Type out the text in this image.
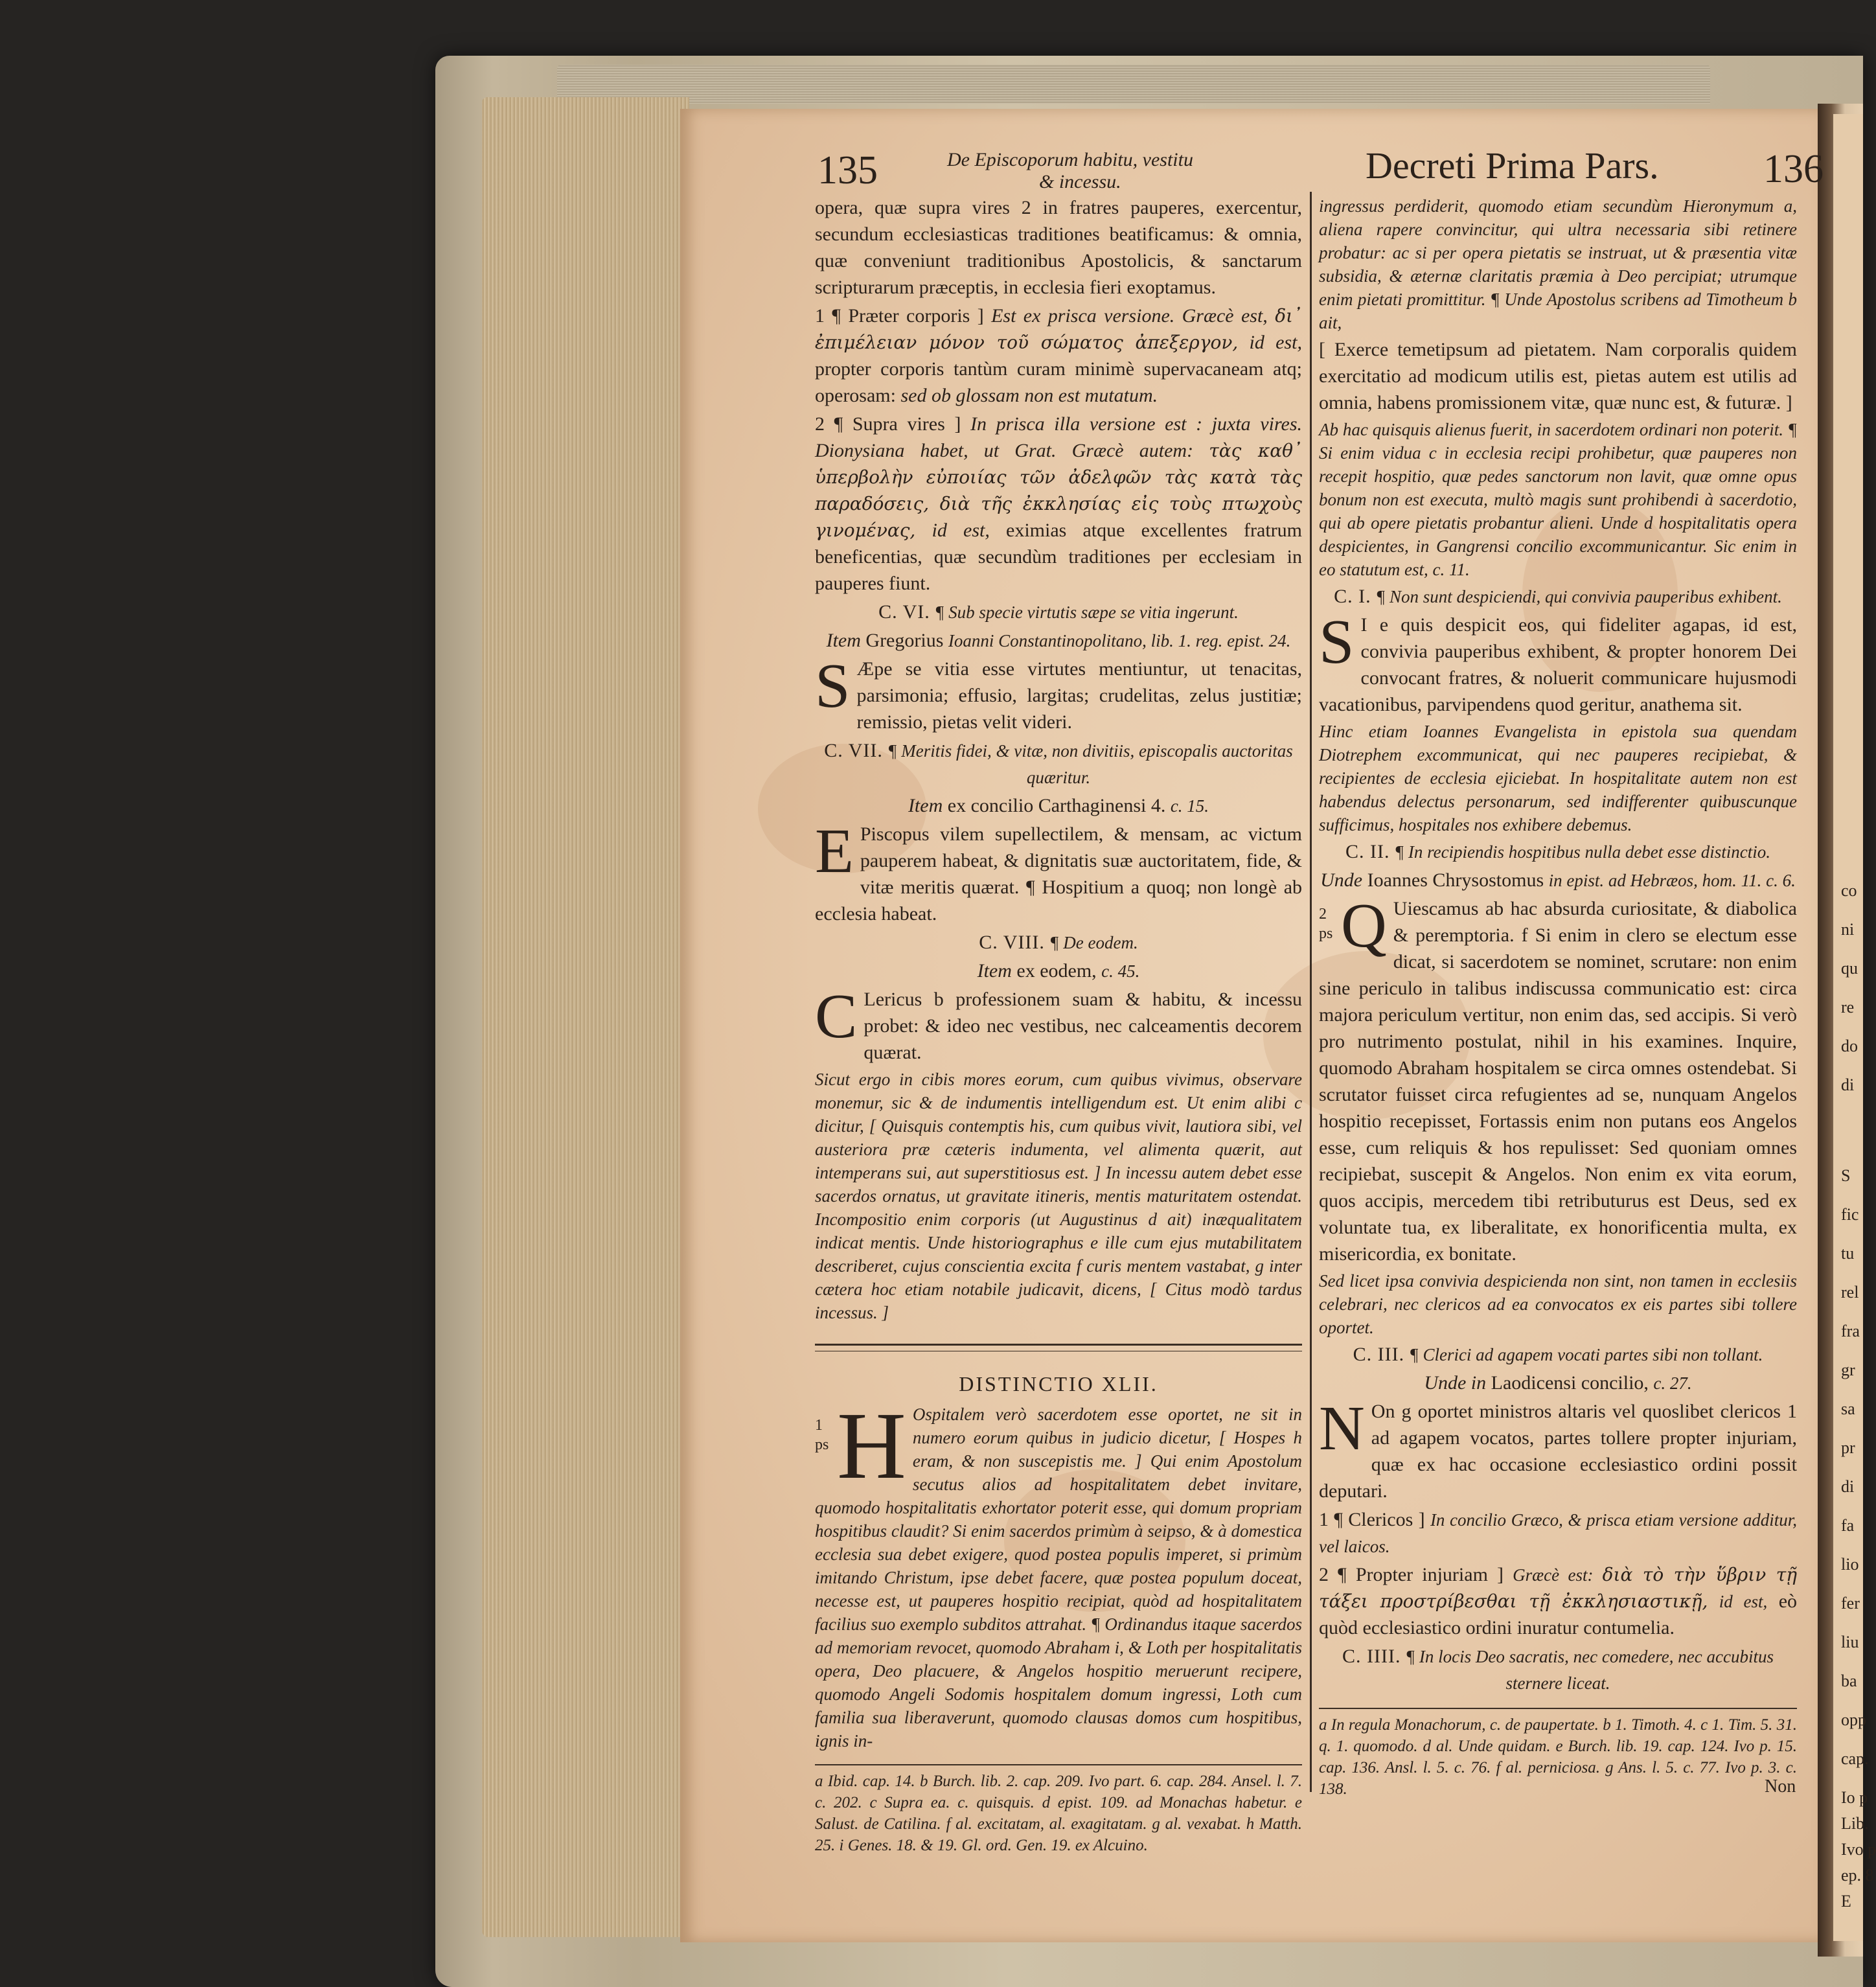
135	De Episcoporum habitu, vestitu
& incessu.	Decreti Prima Pars.	136

opera, quæ supra vires 2 in fratres pauperes, exercentur, secundum ecclesiasticas traditiones beatificamus: & omnia, quæ conveniunt traditionibus Apostolicis, & sanctarum scripturarum præceptis, in ecclesia fieri exoptamus.

1 ¶ Præter corporis ] Est ex prisca versione. Græcè est, δι᾽ ἐπιμέλειαν μόνον τοῦ σώματος ἀπεξεργον, id est, propter corporis tantùm curam minimè supervacaneam atq; operosam: sed ob glossam non est mutatum.

2 ¶ Supra vires ] In prisca illa versione est : juxta vires. Dionysiana habet, ut Grat. Græcè autem: τὰς καθ᾽ ὑπερβολὴν εὐποιίας τῶν ἀδελφῶν τὰς κατὰ τὰς παραδόσεις, διὰ τῆς ἐκκλησίας εἰς τοὺς πτωχοὺς γινομένας, id est, eximias atque excellentes fratrum beneficentias, quæ secundùm traditiones per ecclesiam in pauperes fiunt.

C. VI. ¶ Sub specie virtutis sæpe se vitia ingerunt.

Item Gregorius Ioanni Constantinopolitano, lib. 1. reg. epist. 24.

S Æpe se vitia esse virtutes mentiuntur, ut tenacitas, parsimonia; effusio, largitas; crudelitas, zelus justitiæ; remissio, pietas velit videri.

C. VII. ¶ Meritis fidei, & vitæ, non divitiis, episcopalis auctoritas quæritur.

Item ex concilio Carthaginensi 4. c. 15.

E Piscopus vilem supellectilem, & mensam, ac victum pauperem habeat, & dignitatis suæ auctoritatem, fide, & vitæ meritis quærat. ¶ Hospitium a quoq; non longè ab ecclesia habeat.

C. VIII. ¶ De eodem.

Item ex eodem, c. 45.

C Lericus b professionem suam & habitu, & incessu probet: & ideo nec vestibus, nec calceamentis decorem quærat.

Sicut ergo in cibis mores eorum, cum quibus vivimus, observare monemur, sic & de indumentis intelligendum est. Ut enim alibi c dicitur, [ Quisquis contemptis his, cum quibus vivit, lautiora sibi, vel austeriora præ cæteris indumenta, vel alimenta quærit, aut intemperans sui, aut superstitiosus est. ] In incessu autem debet esse sacerdos ornatus, ut gravitate itineris, mentis maturitatem ostendat. Incompositio enim corporis (ut Augustinus d ait) inæqualitatem indicat mentis. Unde historiographus e ille cum ejus mutabilitatem describeret, cujus conscientia excita f curis mentem vastabat, g inter cætera hoc etiam notabile judicavit, dicens, [ Citus modò tardus incessus. ]

DISTINCTIO XLII.

1 ps H Ospitalem verò sacerdotem esse oportet, ne sit in numero eorum quibus in judicio dicetur, [ Hospes h eram, & non suscepistis me. ] Qui enim Apostolum secutus alios ad hospitalitatem debet invitare, quomodo hospitalitatis exhortator poterit esse, qui domum propriam hospitibus claudit? Si enim sacerdos primùm à seipso, & à domestica ecclesia sua debet exigere, quod postea populis imperet, si primùm imitando Christum, ipse debet facere, quæ postea populum doceat, necesse est, ut pauperes hospitio recipiat, quòd ad hospitalitatem facilius suo exemplo subditos attrahat. ¶ Ordinandus itaque sacerdos ad memoriam revocet, quomodo Abraham i, & Loth per hospitalitatis opera, Deo placuere, & Angelos hospitio meruerunt recipere, quomodo Angeli Sodomis hospitalem domum ingressi, Loth cum familia sua liberaverunt, quomodo clausas domos cum hospitibus, ignis in-

a Ibid. cap. 14. b Burch. lib. 2. cap. 209. Ivo part. 6. cap. 284. Ansel. l. 7. c. 202. c Supra ea. c. quisquis. d epist. 109. ad Monachas habetur. e Salust. de Catilina. f al. excitatam, al. exagitatam. g al. vexabat. h Matth. 25. i Genes. 18. & 19. Gl. ord. Gen. 19. ex Alcuino.

ingressus perdiderit, quomodo etiam secundùm Hieronymum a, aliena rapere convincitur, qui ultra necessaria sibi retinere probatur: ac si per opera pietatis se instruat, ut & præsentia vitæ subsidia, & æternæ claritatis præmia à Deo percipiat; utrumque enim pietati promittitur. ¶ Unde Apostolus scribens ad Timotheum b ait,

[ Exerce temetipsum ad pietatem. Nam corporalis quidem exercitatio ad modicum utilis est, pietas autem est utilis ad omnia, habens promissionem vitæ, quæ nunc est, & futuræ. ]

Ab hac quisquis alienus fuerit, in sacerdotem ordinari non poterit. ¶ Si enim vidua c in ecclesia recipi prohibetur, quæ pauperes non recepit hospitio, quæ pedes sanctorum non lavit, quæ omne opus bonum non est executa, multò magis sunt prohibendi à sacerdotio, qui ab opere pietatis probantur alieni. Unde d hospitalitatis opera despicientes, in Gangrensi concilio excommunicantur. Sic enim in eo statutum est, c. 11.

C. I. ¶ Non sunt despiciendi, qui convivia pauperibus exhibent.

S I e quis despicit eos, qui fideliter agapas, id est, convivia pauperibus exhibent, & propter honorem Dei convocant fratres, & noluerit communicare hujusmodi vacationibus, parvipendens quod geritur, anathema sit.

Hinc etiam Ioannes Evangelista in epistola sua quendam Diotrephem excommunicat, qui nec pauperes recipiebat, & recipientes de ecclesia ejiciebat. In hospitalitate autem non est habendus delectus personarum, sed indifferenter quibuscunque sufficimus, hospitales nos exhibere debemus.

C. II. ¶ In recipiendis hospitibus nulla debet esse distinctio.

Unde Ioannes Chrysostomus in epist. ad Hebræos, hom. 11. c. 6.

2 ps Q Uiescamus ab hac absurda curiositate, & diabolica & peremptoria. f Si enim in clero se electum esse dicat, si sacerdotem se nominet, scrutare: non enim sine periculo in talibus indiscussa communicatio est: circa majora periculum vertitur, non enim das, sed accipis. Si verò pro nutrimento postulat, nihil in his examines. Inquire, quomodo Abraham hospitalem se circa omnes ostendebat. Si scrutator fuisset circa refugientes ad se, nunquam Angelos hospitio recepisset, Fortassis enim non putans eos Angelos esse, cum reliquis & hos repulisset: Sed quoniam omnes recipiebat, suscepit & Angelos. Non enim ex vita eorum, quos accipis, mercedem tibi retributurus est Deus, sed ex voluntate tua, ex liberalitate, ex honorificentia multa, ex misericordia, ex bonitate.

Sed licet ipsa convivia despicienda non sint, non tamen in ecclesiis celebrari, nec clericos ad ea convocatos ex eis partes sibi tollere oportet.

C. III. ¶ Clerici ad agapem vocati partes sibi non tollant.

Unde in Laodicensi concilio, c. 27.

N On g oportet ministros altaris vel quoslibet clericos 1 ad agapem vocatos, partes tollere propter injuriam, quæ ex hac occasione ecclesiastico ordini possit deputari.

1 ¶ Clericos ] In concilio Græco, & prisca etiam versione additur, vel laicos.

2 ¶ Propter injuriam ] Græcè est: διὰ τὸ τὴν ὕβριν τῇ τάξει προστρίβεσθαι τῇ ἐκκλησιαστικῇ, id est, eò quòd ecclesiastico ordini inuratur contumelia.

C. IIII. ¶ In locis Deo sacratis, nec comedere, nec accubitus sternere liceat.

a In regula Monachorum, c. de paupertate. b 1. Timoth. 4. c 1. Tim. 5. 31. q. 1. quomodo. d al. Unde quidam. e Burch. lib. 19. cap. 124. Ivo p. 15. cap. 136. Ansl. l. 5. c. 76. f al. perniciosa. g Ans. l. 5. c. 77. Ivo p. 3. c. 138.	Non
co
ni
qu
re
do
di
S
fic
tu
rel
fra
gr
sa
pr
di
fa
lio
fer
liu
ba
opp
cap.
Io p
Lib.
Ivo p
ep. 8
E
